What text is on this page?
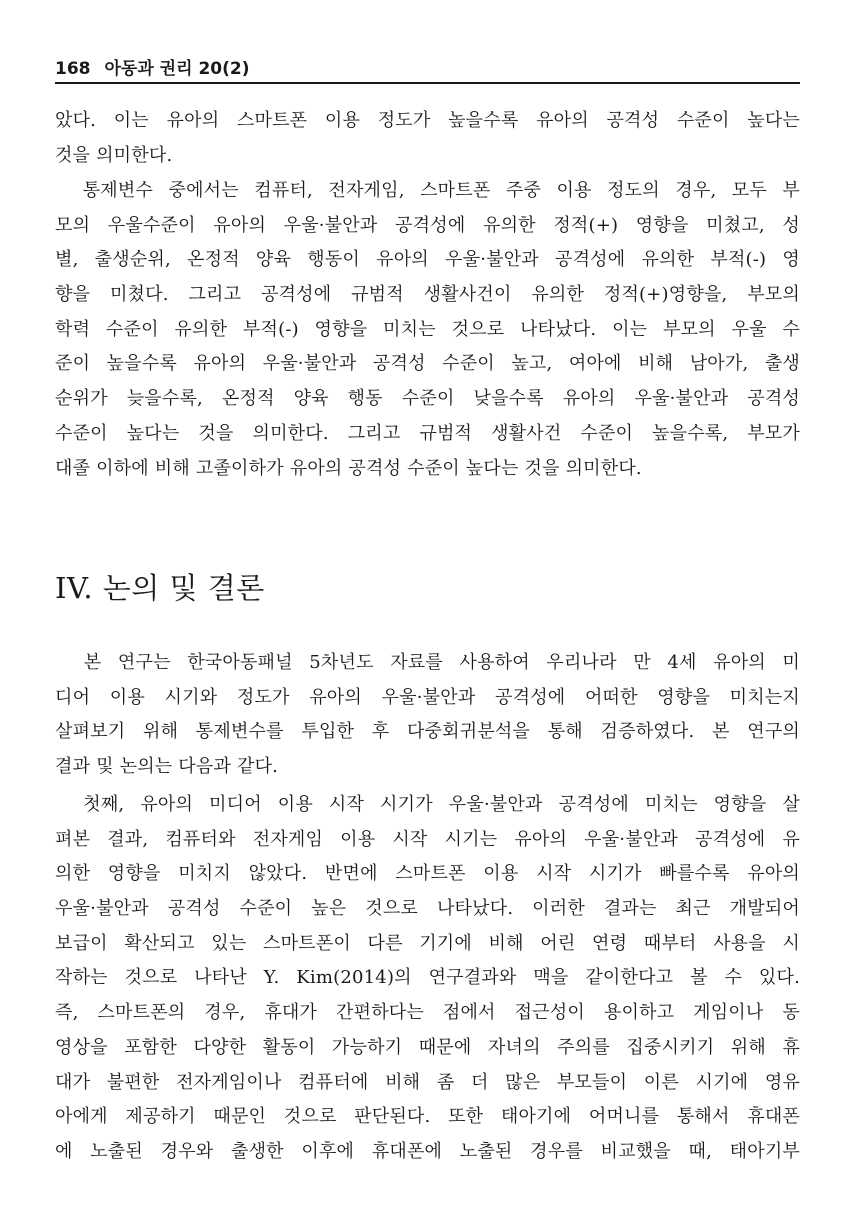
168 아동과 권리 20(2)
았다. 이는 유아의 스마트폰 이용 정도가 높을수록 유아의 공격성 수준이 높다는
것을 의미한다.
　통제변수 중에서는 컴퓨터, 전자게임, 스마트폰 주중 이용 정도의 경우, 모두 부
모의 우울수준이 유아의 우울·불안과 공격성에 유의한 정적(+) 영향을 미쳤고, 성
별, 출생순위, 온정적 양육 행동이 유아의 우울·불안과 공격성에 유의한 부적(-) 영
향을 미쳤다. 그리고 공격성에 규범적 생활사건이 유의한 정적(+)영향을, 부모의
학력 수준이 유의한 부적(-) 영향을 미치는 것으로 나타났다. 이는 부모의 우울 수
준이 높을수록 유아의 우울·불안과 공격성 수준이 높고, 여아에 비해 남아가, 출생
순위가 늦을수록, 온정적 양육 행동 수준이 낮을수록 유아의 우울·불안과 공격성
수준이 높다는 것을 의미한다. 그리고 규범적 생활사건 수준이 높을수록, 부모가
대졸 이하에 비해 고졸이하가 유아의 공격성 수준이 높다는 것을 의미한다.
IV. 논의 및 결론
　본 연구는 한국아동패널 5차년도 자료를 사용하여 우리나라 만 4세 유아의 미
디어 이용 시기와 정도가 유아의 우울·불안과 공격성에 어떠한 영향을 미치는지
살펴보기 위해 통제변수를 투입한 후 다중회귀분석을 통해 검증하였다. 본 연구의
결과 및 논의는 다음과 같다.
　첫째, 유아의 미디어 이용 시작 시기가 우울·불안과 공격성에 미치는 영향을 살
펴본 결과, 컴퓨터와 전자게임 이용 시작 시기는 유아의 우울·불안과 공격성에 유
의한 영향을 미치지 않았다. 반면에 스마트폰 이용 시작 시기가 빠를수록 유아의
우울·불안과 공격성 수준이 높은 것으로 나타났다. 이러한 결과는 최근 개발되어
보급이 확산되고 있는 스마트폰이 다른 기기에 비해 어린 연령 때부터 사용을 시
작하는 것으로 나타난 Y. Kim(2014)의 연구결과와 맥을 같이한다고 볼 수 있다.
즉, 스마트폰의 경우, 휴대가 간편하다는 점에서 접근성이 용이하고 게임이나 동
영상을 포함한 다양한 활동이 가능하기 때문에 자녀의 주의를 집중시키기 위해 휴
대가 불편한 전자게임이나 컴퓨터에 비해 좀 더 많은 부모들이 이른 시기에 영유
아에게 제공하기 때문인 것으로 판단된다. 또한 태아기에 어머니를 통해서 휴대폰
에 노출된 경우와 출생한 이후에 휴대폰에 노출된 경우를 비교했을 때, 태아기부
